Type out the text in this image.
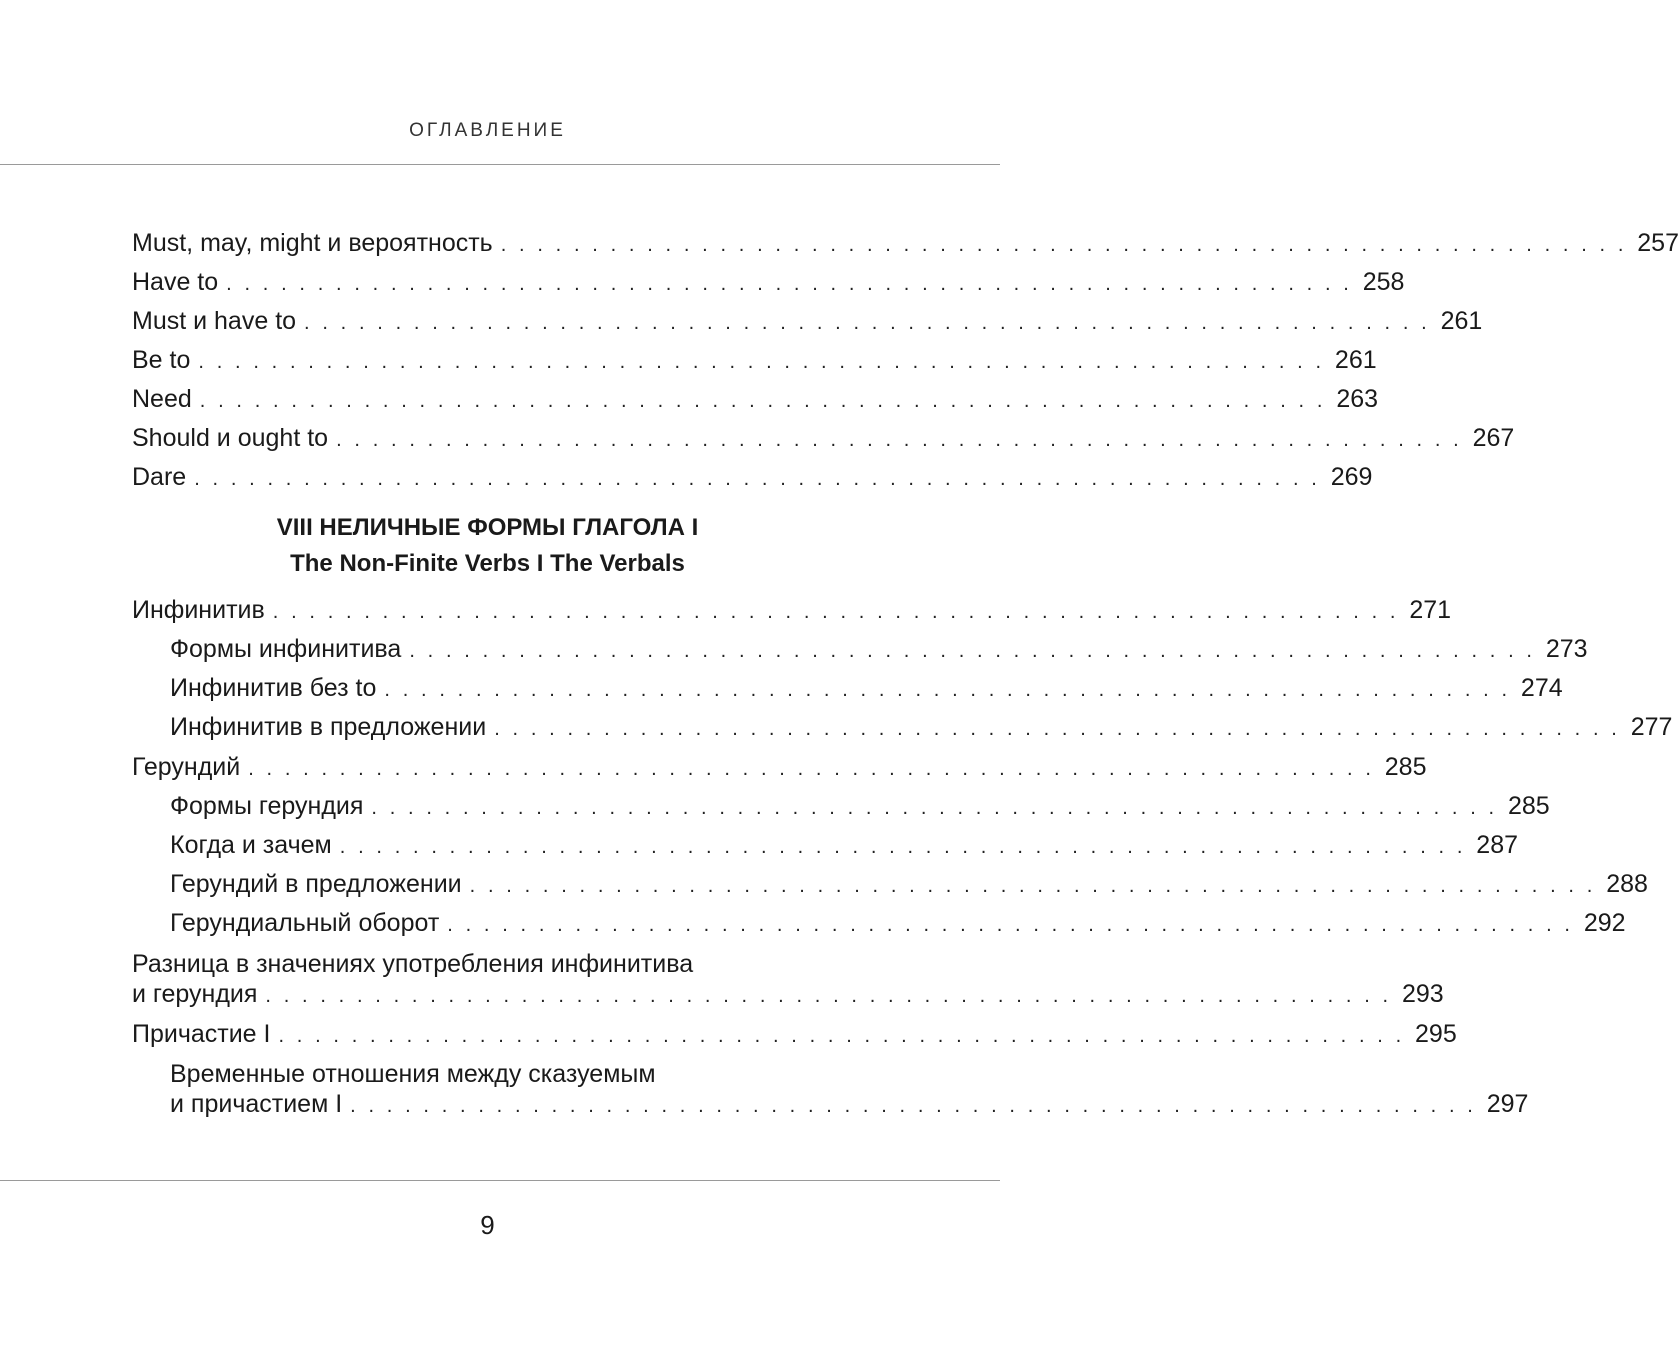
ОГЛАВЛЕНИЕ
Must, may, might и вероятность . . . . . . . . . . . . . . . . . . . . . . . . . . . . . . . . . . . . . . . . . . . . . . . . . . . . . . . . . . . . . . 257
Have to . . . . . . . . . . . . . . . . . . . . . . . . . . . . . . . . . . . . . . . . . . . . . . . . . . . . . . . . . . . . . . 258
Must и have to . . . . . . . . . . . . . . . . . . . . . . . . . . . . . . . . . . . . . . . . . . . . . . . . . . . . . . . . . . . . . . 261
Be to . . . . . . . . . . . . . . . . . . . . . . . . . . . . . . . . . . . . . . . . . . . . . . . . . . . . . . . . . . . . . . 261
Need . . . . . . . . . . . . . . . . . . . . . . . . . . . . . . . . . . . . . . . . . . . . . . . . . . . . . . . . . . . . . . 263
Should и ought to . . . . . . . . . . . . . . . . . . . . . . . . . . . . . . . . . . . . . . . . . . . . . . . . . . . . . . . . . . . . . . 267
Dare . . . . . . . . . . . . . . . . . . . . . . . . . . . . . . . . . . . . . . . . . . . . . . . . . . . . . . . . . . . . . . 269
VIII НЕЛИЧНЫЕ ФОРМЫ ГЛАГОЛА I
The Non-Finite Verbs I The Verbals
Инфинитив . . . . . . . . . . . . . . . . . . . . . . . . . . . . . . . . . . . . . . . . . . . . . . . . . . . . . . . . . . . . . . 271
Формы инфинитива . . . . . . . . . . . . . . . . . . . . . . . . . . . . . . . . . . . . . . . . . . . . . . . . . . . . . . . . . . . . . . 273
Инфинитив без to . . . . . . . . . . . . . . . . . . . . . . . . . . . . . . . . . . . . . . . . . . . . . . . . . . . . . . . . . . . . . . 274
Инфинитив в предложении . . . . . . . . . . . . . . . . . . . . . . . . . . . . . . . . . . . . . . . . . . . . . . . . . . . . . . . . . . . . . . 277
Герундий . . . . . . . . . . . . . . . . . . . . . . . . . . . . . . . . . . . . . . . . . . . . . . . . . . . . . . . . . . . . . . 285
Формы герундия . . . . . . . . . . . . . . . . . . . . . . . . . . . . . . . . . . . . . . . . . . . . . . . . . . . . . . . . . . . . . . 285
Когда и зачем . . . . . . . . . . . . . . . . . . . . . . . . . . . . . . . . . . . . . . . . . . . . . . . . . . . . . . . . . . . . . . 287
Герундий в предложении . . . . . . . . . . . . . . . . . . . . . . . . . . . . . . . . . . . . . . . . . . . . . . . . . . . . . . . . . . . . . . 288
Герундиальный оборот . . . . . . . . . . . . . . . . . . . . . . . . . . . . . . . . . . . . . . . . . . . . . . . . . . . . . . . . . . . . . . 292
Разница в значениях употребления инфинитива
и герундия . . . . . . . . . . . . . . . . . . . . . . . . . . . . . . . . . . . . . . . . . . . . . . . . . . . . . . . . . . . . . . 293
Причастие I . . . . . . . . . . . . . . . . . . . . . . . . . . . . . . . . . . . . . . . . . . . . . . . . . . . . . . . . . . . . . . 295
Временные отношения между сказуемым
и причастием I . . . . . . . . . . . . . . . . . . . . . . . . . . . . . . . . . . . . . . . . . . . . . . . . . . . . . . . . . . . . . . 297
9
